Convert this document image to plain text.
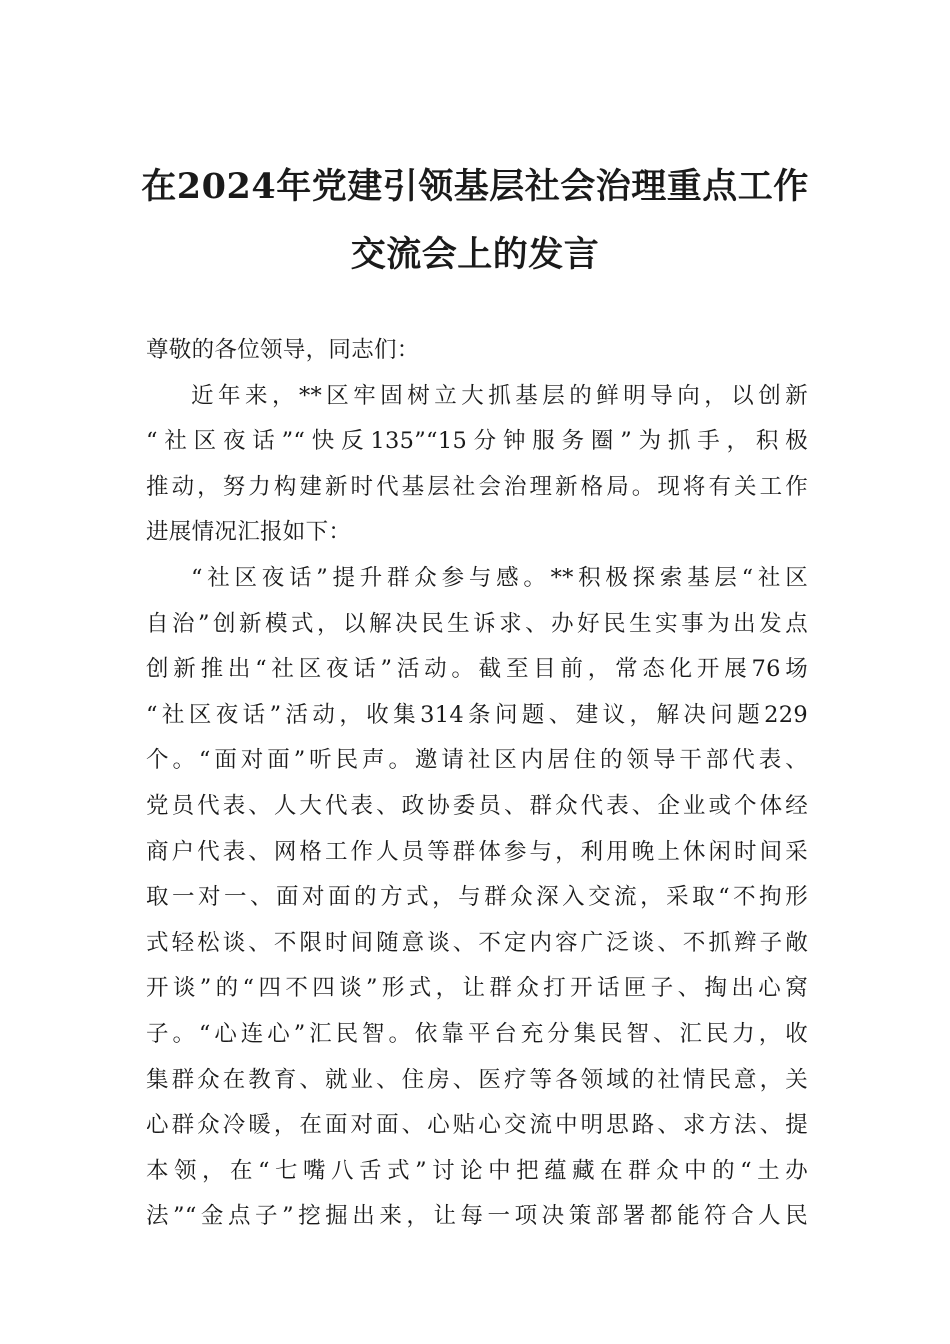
在2024年党建引领基层社会治理重点工作
交流会上的发言
尊敬的各位领导，同志们：
近年来，**区牢固树立大抓基层的鲜明导向，以创新
“社区夜话”“快反135”“15分钟服务圈”为抓手，积极
推动，努力构建新时代基层社会治理新格局。现将有关工作
进展情况汇报如下：
“社区夜话”提升群众参与感。**积极探索基层“社区
自治”创新模式，以解决民生诉求、办好民生实事为出发点
创新推出“社区夜话”活动。截至目前，常态化开展76场
“社区夜话”活动，收集314条问题、建议，解决问题229
个。“面对面”听民声。邀请社区内居住的领导干部代表、
党员代表、人大代表、政协委员、群众代表、企业或个体经
商户代表、网格工作人员等群体参与，利用晚上休闲时间采
取一对一、面对面的方式，与群众深入交流，采取“不拘形
式轻松谈、不限时间随意谈、不定内容广泛谈、不抓辫子敞
开谈”的“四不四谈”形式，让群众打开话匣子、掏出心窝
子。“心连心”汇民智。依靠平台充分集民智、汇民力，收
集群众在教育、就业、住房、医疗等各领域的社情民意，关
心群众冷暖，在面对面、心贴心交流中明思路、求方法、提
本领，在“七嘴八舌式”讨论中把蕴藏在群众中的“土办
法”“金点子”挖掘出来，让每一项决策部署都能符合人民
